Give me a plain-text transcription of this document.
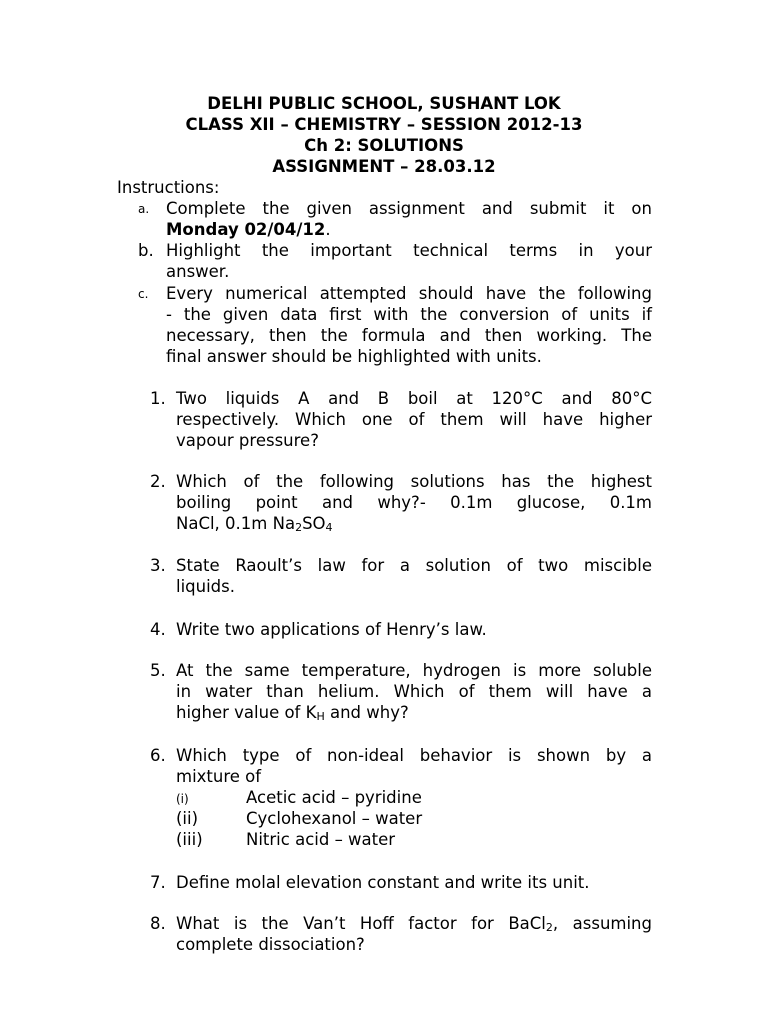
DELHI PUBLIC SCHOOL, SUSHANT LOK
CLASS XII – CHEMISTRY – SESSION 2012-13
Ch 2: SOLUTIONS
ASSIGNMENT – 28.03.12
Instructions:
a.	Complete the given assignment and submit it on
Monday 02/04/12.
b. Highlight the important technical terms in your
answer.
c.	Every numerical attempted should have the following
- the given data first with the conversion of units if
necessary, then the formula and then working. The
final answer should be highlighted with units.
1. Two liquids A and B boil at 120°C and 80°C
respectively. Which one of them will have higher
vapour pressure?
2. Which of the following solutions has the highest
boiling point and why?- 0.1m glucose, 0.1m
NaCl, 0.1m $Na_2SO_4$
3. State Raoult’s law for a solution of two miscible
liquids.
4. Write two applications of Henry’s law.
5. At the same temperature, hydrogen is more soluble
in water than helium. Which of them will have a
higher value of $K_H$ and why?
6. Which type of non-ideal behavior is shown by a
mixture of
(i)	Acetic acid – pyridine
(ii)	Cyclohexanol – water
(iii)	Nitric acid – water
7. Define molal elevation constant and write its unit.
8. What is the Van’t Hoff factor for BaCl$_2$, assuming
complete dissociation?
